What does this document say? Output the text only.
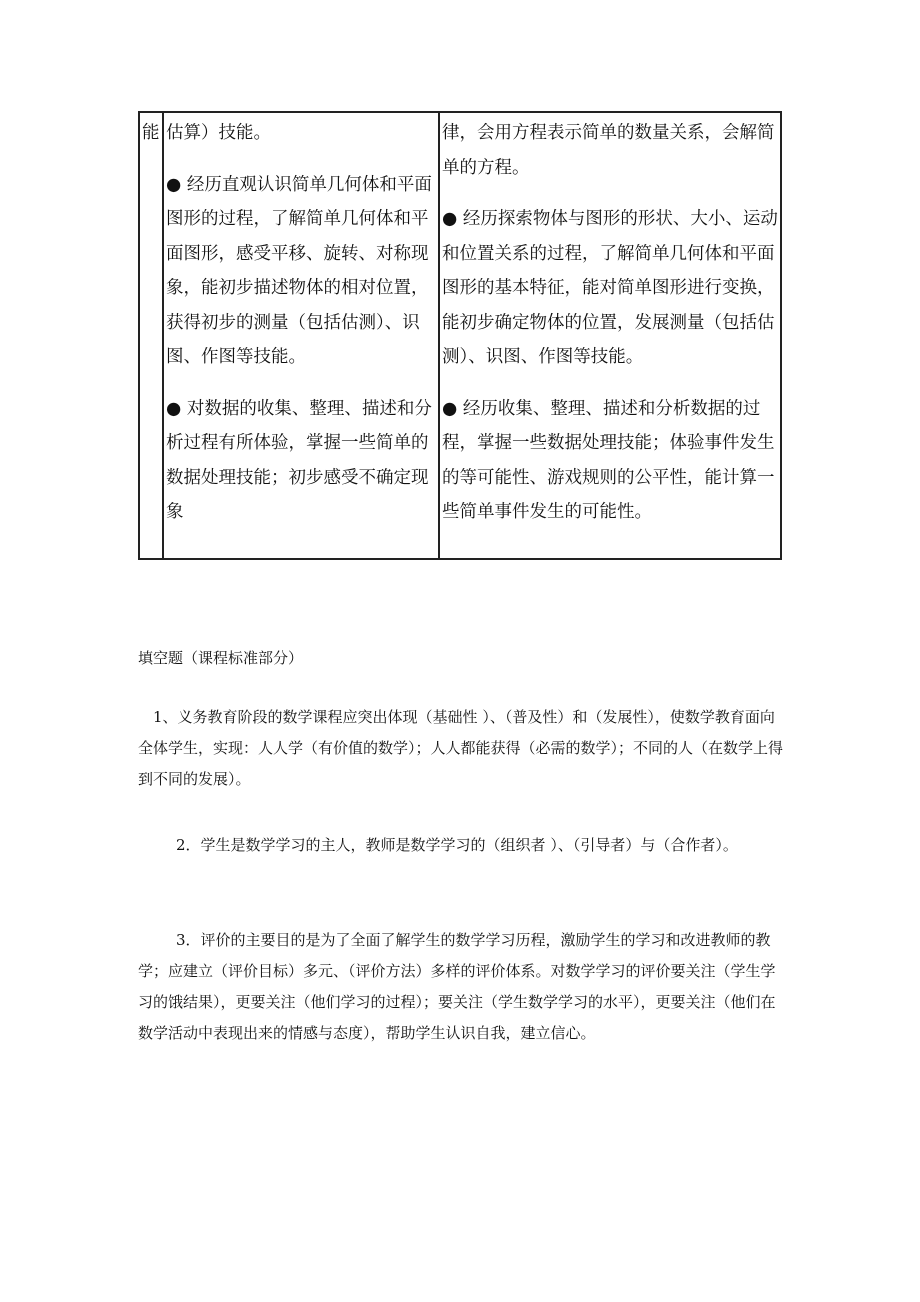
能 估算）技能。

● 经历直观认识简单几何体和平面图形的过程，了解简单几何体和平面图形，感受平移、旋转、对称现象，能初步描述物体的相对位置，获得初步的测量（包括估测）、识图、作图等技能。

● 对数据的收集、整理、描述和分析过程有所体验，掌握一些简单的数据处理技能；初步感受不确定现象

律，会用方程表示简单的数量关系，会解简单的方程。

● 经历探索物体与图形的形状、大小、运动和位置关系的过程，了解简单几何体和平面图形的基本特征，能对简单图形进行变换，能初步确定物体的位置，发展测量（包括估测）、识图、作图等技能。

● 经历收集、整理、描述和分析数据的过程，掌握一些数据处理技能；体验事件发生的等可能性、游戏规则的公平性，能计算一些简单事件发生的可能性。

填空题（课程标准部分）

1、义务教育阶段的数学课程应突出体现（基础性 ）、（普及性）和（发展性），使数学教育面向全体学生，实现：人人学（有价值的数学）；人人都能获得（必需的数学）；不同的人（在数学上得到不同的发展）。

2．学生是数学学习的主人，教师是数学学习的（组织者 ）、（引导者）与（合作者）。

3．评价的主要目的是为了全面了解学生的数学学习历程，激励学生的学习和改进教师的教学；应建立（评价目标）多元、（评价方法）多样的评价体系。对数学学习的评价要关注（学生学习的饿结果），更要关注（他们学习的过程）；要关注（学生数学学习的水平），更要关注（他们在数学活动中表现出来的情感与态度），帮助学生认识自我，建立信心。
